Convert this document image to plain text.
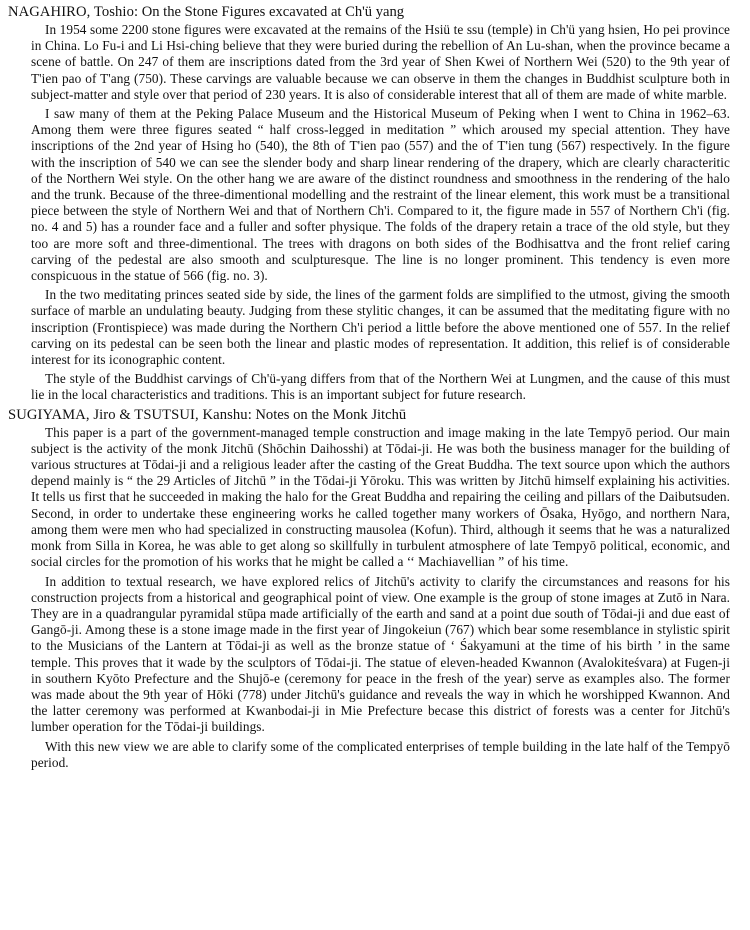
NAGAHIRO, Toshio: On the Stone Figures excavated at Ch'ü yang

In 1954 some 2200 stone figures were excavated at the remains of the Hsiü te ssu (temple) in Ch'ü yang hsien, Ho pei province in China. Lo Fu-i and Li Hsi-ching believe that they were buried during the rebellion of An Lu-shan, when the province became a scene of battle. On 247 of them are inscriptions dated from the 3rd year of Shen Kwei of Northern Wei (520) to the 9th year of T'ien pao of T'ang (750). These carvings are valuable because we can observe in them the changes in Buddhist sculpture both in subject-matter and style over that period of 230 years. It is also of considerable interest that all of them are made of white marble.

I saw many of them at the Peking Palace Museum and the Historical Museum of Peking when I went to China in 1962–63. Among them were three figures seated “ half cross-legged in meditation ” which aroused my special attention. They have inscriptions of the 2nd year of Hsing ho (540), the 8th of T'ien pao (557) and the of T'ien tung (567) respectively. In the figure with the inscription of 540 we can see the slender body and sharp linear rendering of the drapery, which are clearly characteritic of the Northern Wei style. On the other hang we are aware of the distinct roundness and smoothness in the rendering of the halo and the trunk. Because of the three-dimentional modelling and the restraint of the linear element, this work must be a transitional piece between the style of Northern Wei and that of Northern Ch'i. Compared to it, the figure made in 557 of Northern Ch'i (fig. no. 4 and 5) has a rounder face and a fuller and softer physique. The folds of the drapery retain a trace of the old style, but they too are more soft and three-dimentional. The trees with dragons on both sides of the Bodhisattva and the front relief caring carving of the pedestal are also smooth and sculpturesque. The line is no longer prominent. This tendency is even more conspicuous in the statue of 566 (fig. no. 3).

In the two meditating princes seated side by side, the lines of the garment folds are simplified to the utmost, giving the smooth surface of marble an undulating beauty. Judging from these stylitic changes, it can be assumed that the meditating figure with no inscription (Frontispiece) was made during the Northern Ch'i period a little before the above mentioned one of 557. In the relief carving on its pedestal can be seen both the linear and plastic modes of representation. It addition, this relief is of considerable interest for its iconographic content.

The style of the Buddhist carvings of Ch'ü-yang differs from that of the Northern Wei at Lungmen, and the cause of this must lie in the local characteristics and traditions. This is an important subject for future research.

SUGIYAMA, Jiro & TSUTSUI, Kanshu: Notes on the Monk Jitchū

This paper is a part of the government-managed temple construction and image making in the late Tempyō period. Our main subject is the activity of the monk Jitchū (Shōchin Daihosshi) at Tōdai-ji. He was both the business manager for the building of various structures at Tōdai-ji and a religious leader after the casting of the Great Buddha. The text source upon which the authors depend mainly is “ the 29 Articles of Jitchū ” in the Tōdai-ji Yōroku. This was written by Jitchū himself explaining his activities. It tells us first that he succeeded in making the halo for the Great Buddha and repairing the ceiling and pillars of the Daibutsuden. Second, in order to undertake these engineering works he called together many workers of Ōsaka, Hyōgo, and northern Nara, among them were men who had specialized in constructing mausolea (Kofun). Third, although it seems that he was a naturalized monk from Silla in Korea, he was able to get along so skillfully in turbulent atmosphere of late Tempyō political, economic, and social circles for the promotion of his works that he might be called a ‘‘ Machiavellian ” of his time.

In addition to textual research, we have explored relics of Jitchū's activity to clarify the circumstances and reasons for his construction projects from a historical and geographical point of view. One example is the group of stone images at Zutō in Nara. They are in a quadrangular pyramidal stūpa made artificially of the earth and sand at a point due south of Tōdai-ji and due east of Gangō-ji. Among these is a stone image made in the first year of Jingokeiun (767) which bear some resemblance in stylistic spirit to the Musicians of the Lantern at Tōdai-ji as well as the bronze statue of ‘ Śakyamuni at the time of his birth ’ in the same temple. This proves that it wade by the sculptors of Tōdai-ji. The statue of eleven-headed Kwannon (Avalokiteśvara) at Fugen-ji in southern Kyōto Prefecture and the Shujō-e (ceremony for peace in the fresh of the year) serve as examples also. The former was made about the 9th year of Hōki (778) under Jitchū's guidance and reveals the way in which he worshipped Kwannon. And the latter ceremony was performed at Kwanbodai-ji in Mie Prefecture becase this district of forests was a center for Jitchū's lumber operation for the Tōdai-ji buildings.

With this new view we are able to clarify some of the complicated enterprises of temple building in the late half of the Tempyō period.
